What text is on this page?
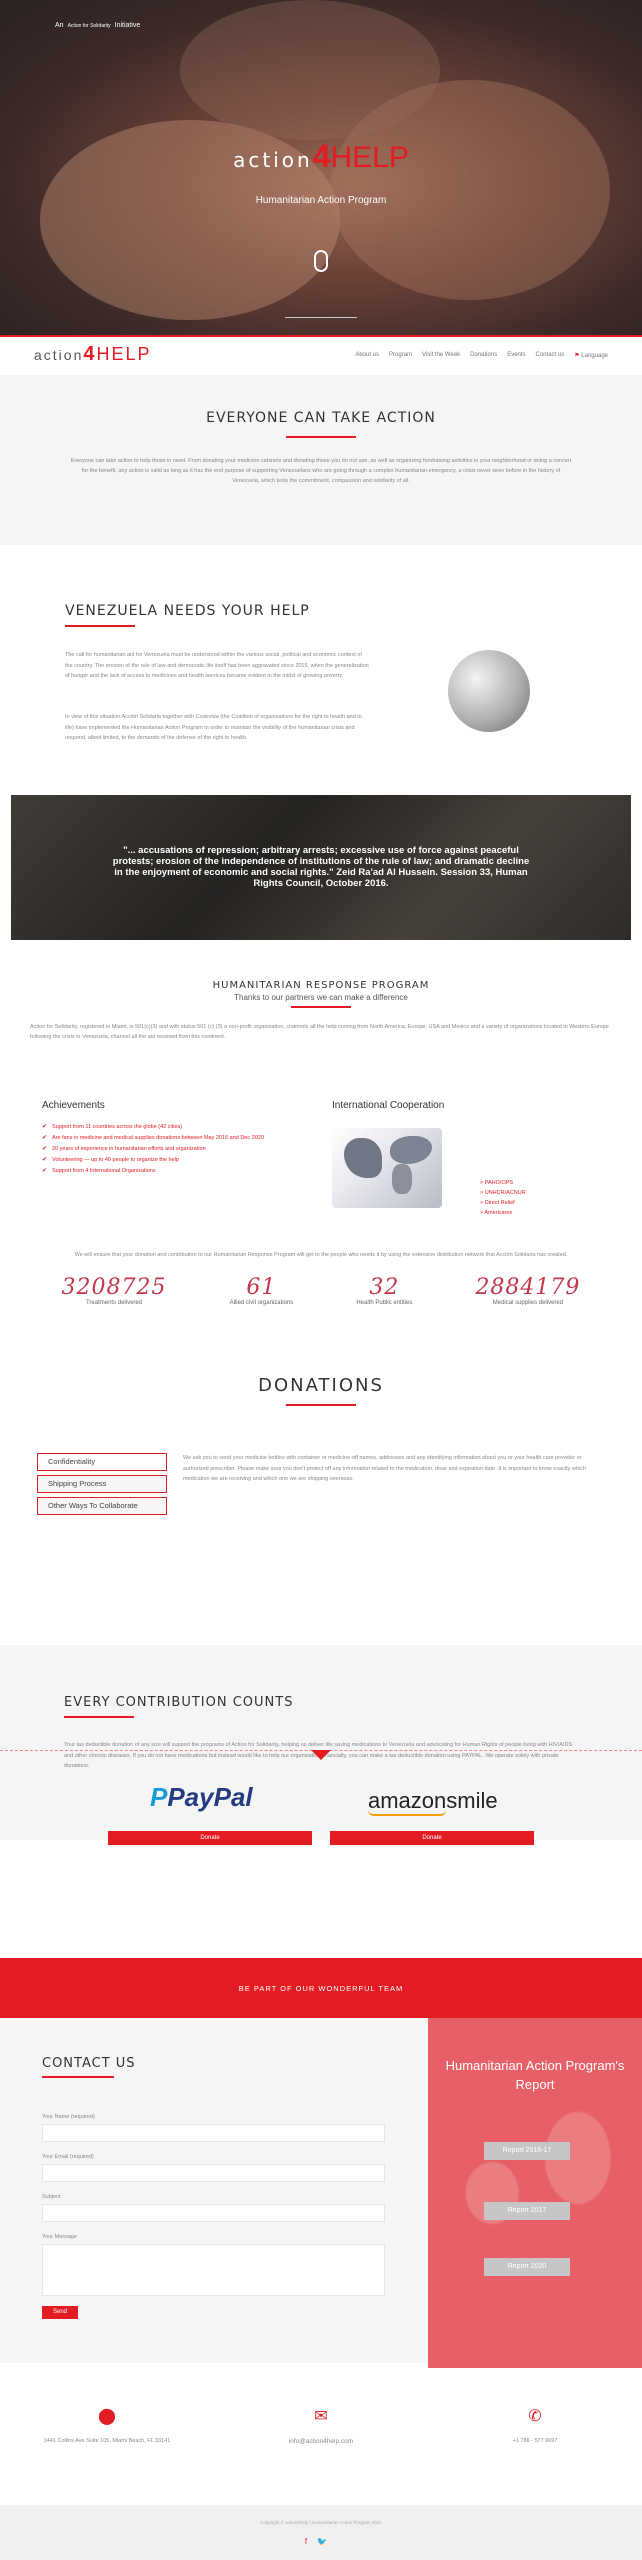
An Action for Solidarity Initiative
action4HELP
Humanitarian Action Program
action4HELP	About us Program Visit the Week Donations Events Contact us ⚑ Language
EVERYONE CAN TAKE ACTION

Everyone can take action to help those in need. From donating your medicine cabinets and donating those you do not use, as well as organizing fundraising activities in your neighborhood or doing a concert for the benefit, any action is valid as long as it has the end purpose of supporting Venezuelans who are going through a complex humanitarian emergency, a crisis never seen before in the history of Venezuela, which tests the commitment, compassion and solidarity of all.

VENEZUELA NEEDS YOUR HELP

The call for humanitarian aid for Venezuela must be understood within the various social, political and economic context of the country. The erosion of the rule of law and democratic life itself has been aggravated since 2015, when the generalization of hunger and the lack of access to medicines and health services became evident in the midst of growing poverty.

In view of this situation Acción Solidaria together with Codevida (the Coalition of organizations for the right to health and to life) have implemented the Humanitarian Action Program in order to maintain the visibility of the humanitarian crisis and respond, albeit limited, to the demands of the defense of the right to health.

"... accusations of repression; arbitrary arrests; excessive use of force against peaceful protests; erosion of the independence of institutions of the rule of law; and dramatic decline in the enjoyment of economic and social rights." Zeid Ra'ad Al Hussein. Session 33, Human Rights Council, October 2016.

HUMANITARIAN RESPONSE PROGRAM

Thanks to our partners we can make a difference

Action for Solidarity, registered in Miami, is 501(c)(3) and with status 501 (c) (3) a non-profit organization, channels all the help coming from North America, Europe, USA and Mexico and a variety of organizations located in Western Europe following the crisis in Venezuela, channel all the aid received from this continent.

Achievements
✔ Support from 11 countries across the globe (42 cities)
✔ Are fans in medicine and medical supplies donations between May 2016 and Dec 2020
✔ 20 years of experience in humanitarian efforts and organization
✔ Volunteering — up to 40 people to organize the help
✔ Support from 4 International Organizations
International Cooperation
> PAHO/OPS
> UNHCR/ACNUR
> Direct Relief
> Americares

We will ensure that your donation and contribution to our Humanitarian Response Program will get to the people who needs it by using the extensive distribution network that Acción Solidaria has created.

3208725
Treatments delivered
61
Allied civil organizations
32
Health Public entities
2884179
Medical supplies delivered
DONATIONS
Confidentiality
Shipping Process
Other Ways To Collaborate

We ask you to send your medicine bottles with container or medicine-off names, addresses and any identifying information about you or your health care provider or authorized prescriber. Please make sure you don't protect off any information related to the medication, dose and expiration date. It is important to know exactly which medication we are receiving and which one we are shipping overseas.

EVERY CONTRIBUTION COUNTS

Your tax deductible donation of any size will support the programs of Action for Solidarity, helping us deliver life saving medications to Venezuela and advocating for Human Rights of people living with HIV/AIDS and other chronic diseases. If you do not have medications but instead would like to help our organization financially, you can make a tax deductible donation using PAYPAL. We operate solely with private donations.

PPayPal	amazonsmile
Donate	Donate

BE PART OF OUR WONDERFUL TEAM

CONTACT US

Your Name (required)

Your Email (required)

Subject

Your Message

Send
Humanitarian Action Program's Report
Report 2016-17
Report 2017
Report 2020
⬤

1441 Collins Ave Suite 105, Miami Beach, FL 33141

✉

info@action4help.com

✆

+1 786 - 577 9697

Copyright © action4help | Humanitarian Action Program 2021

f🐦
